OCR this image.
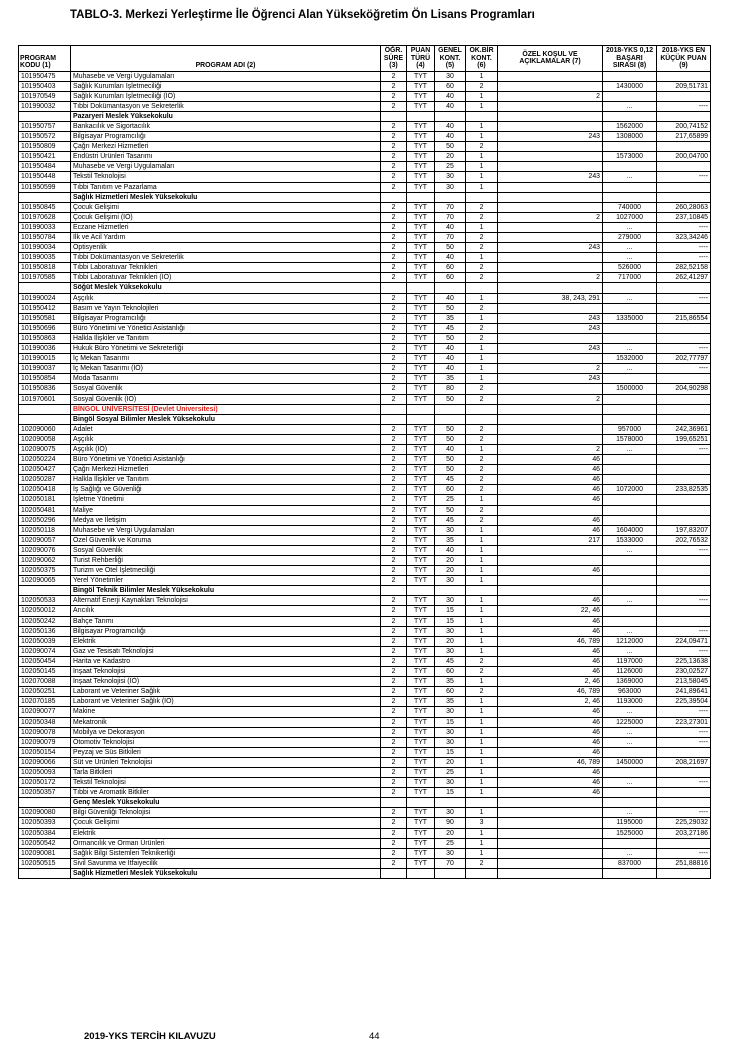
TABLO-3. Merkezi Yerleştirme İle Öğrenci Alan Yükseköğretim Ön Lisans Programları
PROGRAM KODU (1)	PROGRAM ADI (2)	ÖĞR. SÜRE (3)	PUAN TÜRÜ (4)	GENEL KONT. (5)	OK.BİR KONT. (6)	ÖZEL KOŞUL VE AÇIKLAMALAR (7)	2018-YKS 0,12 BAŞARI SIRASI (8)	2018-YKS EN KÜÇÜK PUAN (9)
101950475	Muhasebe ve Vergi Uygulamaları	2	TYT	30	1			
101950403	Sağlık Kurumları İşletmeciliği	2	TYT	60	2		1430000	209,51731
101970549	Sağlık Kurumları İşletmeciliği (İÖ)	2	TYT	40	1	2		
101990032	Tıbbi Dokümantasyon ve Sekreterlik	2	TYT	40	1		...	----
	Pazaryeri Meslek Yüksekokulu							
101950757	Bankacılık ve Sigortacılık	2	TYT	40	1		1562000	200,74152
101950572	Bilgisayar Programcılığı	2	TYT	40	1	243	1308000	217,65899
101950809	Çağrı Merkezi Hizmetleri	2	TYT	50	2			
101950421	Endüstri Ürünleri Tasarımı	2	TYT	20	1		1573000	200,04700
101950484	Muhasebe ve Vergi Uygulamaları	2	TYT	25	1			
101950448	Tekstil Teknolojisi	2	TYT	30	1	243	...	----
101950599	Tıbbi Tanıtım ve Pazarlama	2	TYT	30	1			
	Sağlık Hizmetleri Meslek Yüksekokulu							
101950845	Çocuk Gelişimi	2	TYT	70	2		740000	260,28063
101970628	Çocuk Gelişimi (İÖ)	2	TYT	70	2	2	1027000	237,10845
101990033	Eczane Hizmetleri	2	TYT	40	1		...	----
101950784	İlk ve Acil Yardım	2	TYT	70	2		279000	323,34246
101990034	Optisyenlik	2	TYT	50	2	243	...	----
101990035	Tıbbi Dokümantasyon ve Sekreterlik	2	TYT	40	1		...	----
101950818	Tıbbi Laboratuvar Teknikleri	2	TYT	60	2		526000	282,52158
101970585	Tıbbi Laboratuvar Teknikleri (İÖ)	2	TYT	60	2	2	717000	262,41297
	Söğüt Meslek Yüksekokulu							
101990024	Aşçılık	2	TYT	40	1	38, 243, 291	...	----
101950412	Basım ve Yayın Teknolojileri	2	TYT	50	2			
101950581	Bilgisayar Programcılığı	2	TYT	35	1	243	1335000	215,86554
101950696	Büro Yönetimi ve Yönetici Asistanlığı	2	TYT	45	2	243		
101950863	Halkla İlişkiler ve Tanıtım	2	TYT	50	2			
101990036	Hukuk Büro Yönetimi ve Sekreterliği	2	TYT	40	1	243	...	----
101990015	İç Mekan Tasarımı	2	TYT	40	1		1532000	202,77797
101990037	İç Mekan Tasarımı (İÖ)	2	TYT	40	1	2	...	----
101950854	Moda Tasarımı	2	TYT	35	1	243		
101950836	Sosyal Güvenlik	2	TYT	80	2		1500000	204,90298
101970601	Sosyal Güvenlik (İÖ)	2	TYT	50	2	2		
	BİNGÖL ÜNİVERSİTESİ (Devlet Üniversitesi)							
	Bingöl Sosyal Bilimler Meslek Yüksekokulu							
102090060	Adalet	2	TYT	50	2		957000	242,36961
102090058	Aşçılık	2	TYT	50	2		1578000	199,65251
102090075	Aşçılık (İÖ)	2	TYT	40	1	2	...	----
102050224	Büro Yönetimi ve Yönetici Asistanlığı	2	TYT	50	2	46		
102050427	Çağrı Merkezi Hizmetleri	2	TYT	50	2	46		
102050287	Halkla İlişkiler ve Tanıtım	2	TYT	45	2	46		
102050418	İş Sağlığı ve Güvenliği	2	TYT	60	2	46	1072000	233,82535
102050181	İşletme Yönetimi	2	TYT	25	1	46		
102050481	Maliye	2	TYT	50	2			
102050296	Medya ve İletişim	2	TYT	45	2	46		
102050118	Muhasebe ve Vergi Uygulamaları	2	TYT	30	1	46	1604000	197,83207
102090057	Özel Güvenlik ve Koruma	2	TYT	35	1	217	1533000	202,76532
102090076	Sosyal Güvenlik	2	TYT	40	1		...	----
102090062	Turist Rehberliği	2	TYT	20	1			
102050375	Turizm ve Otel İşletmeciliği	2	TYT	20	1	46		
102090065	Yerel Yönetimler	2	TYT	30	1			
	Bingöl Teknik Bilimler Meslek Yüksekokulu							
102050533	Alternatif Enerji Kaynakları Teknolojisi	2	TYT	30	1	46	...	----
102050012	Arıcılık	2	TYT	15	1	22, 46		
102050242	Bahçe Tarımı	2	TYT	15	1	46		
102050136	Bilgisayar Programcılığı	2	TYT	30	1	46	...	----
102050039	Elektrik	2	TYT	20	1	46, 789	1212000	224,09471
102090074	Gaz ve Tesisatı Teknolojisi	2	TYT	30	1	46	...	----
102050454	Harita ve Kadastro	2	TYT	45	2	46	1197000	225,13638
102050145	İnşaat Teknolojisi	2	TYT	60	2	46	1126000	230,02527
102070088	İnşaat Teknolojisi (İÖ)	2	TYT	35	1	2, 46	1369000	213,58045
102050251	Laborant ve Veteriner Sağlık	2	TYT	60	2	46, 789	963000	241,89641
102070185	Laborant ve Veteriner Sağlık (İÖ)	2	TYT	35	1	2, 46	1193000	225,39504
102090077	Makine	2	TYT	30	1	46	...	----
102050348	Mekatronik	2	TYT	15	1	46	1225000	223,27301
102090078	Mobilya ve Dekorasyon	2	TYT	30	1	46	...	----
102090079	Otomotiv Teknolojisi	2	TYT	30	1	46	...	----
102050154	Peyzaj ve Süs Bitkileri	2	TYT	15	1	46		
102090066	Süt ve Ürünleri Teknolojisi	2	TYT	20	1	46, 789	1450000	208,21697
102050093	Tarla Bitkileri	2	TYT	25	1	46		
102050172	Tekstil Teknolojisi	2	TYT	30	1	46	...	----
102050357	Tıbbi ve Aromatik Bitkiler	2	TYT	15	1	46		
	Genç Meslek Yüksekokulu							
102090080	Bilgi Güvenliği Teknolojisi	2	TYT	30	1		...	----
102050393	Çocuk Gelişimi	2	TYT	90	3		1195000	225,29032
102050384	Elektrik	2	TYT	20	1		1525000	203,27186
102050542	Ormancılık ve Orman Ürünleri	2	TYT	25	1			
102090081	Sağlık Bilgi Sistemleri Teknikerliği	2	TYT	30	1		...	----
102050515	Sivil Savunma ve İtfaiyecilik	2	TYT	70	2		837000	251,88816
	Sağlık Hizmetleri Meslek Yüksekokulu							
2019-YKS TERCİH KILAVUZU	44
